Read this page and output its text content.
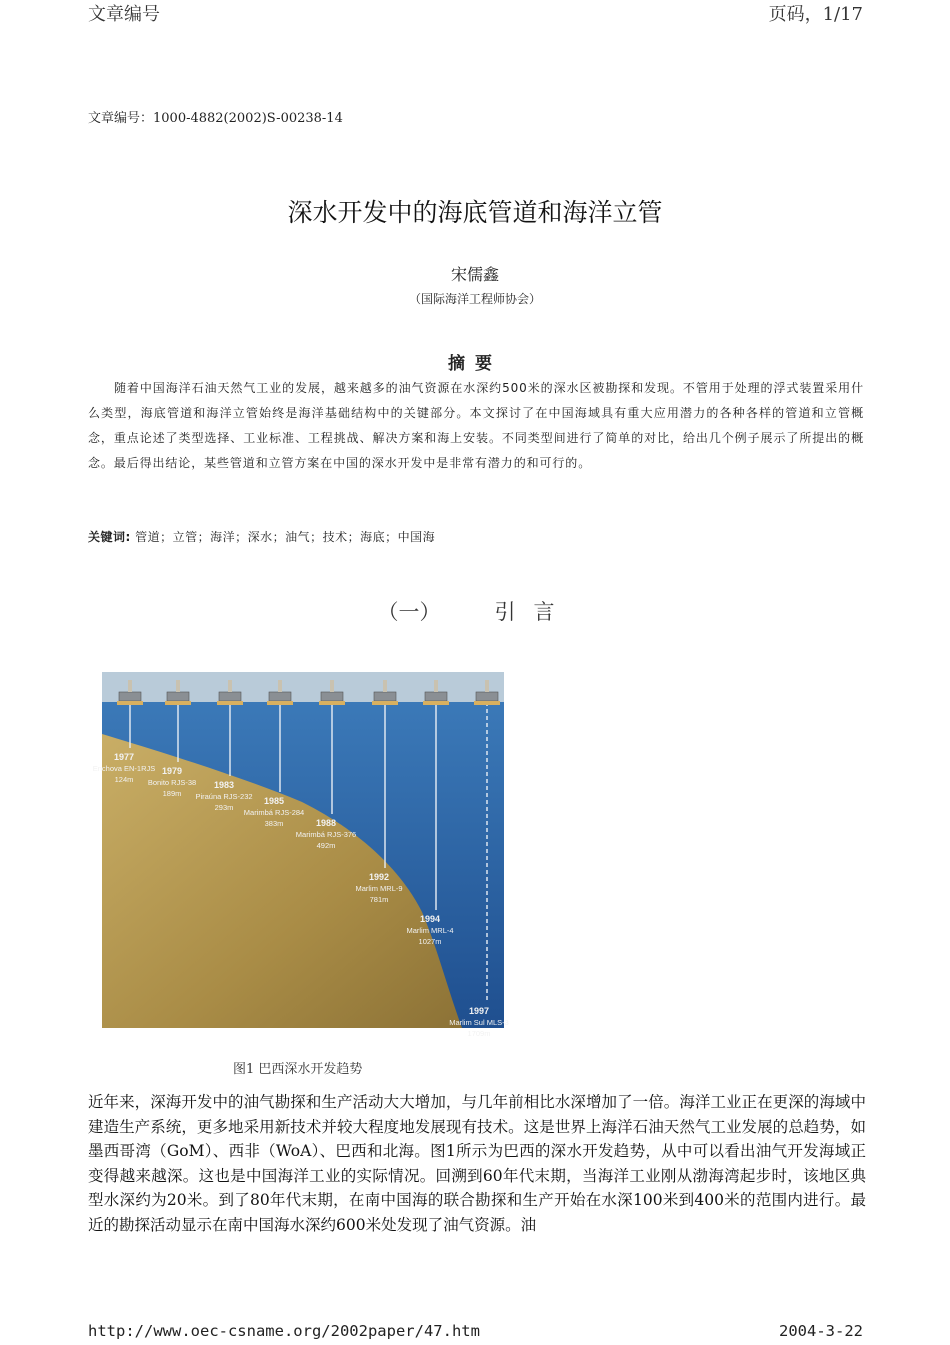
文章编号	页码，1/17
文章编号：1000-4882(2002)S-00238-14
深水开发中的海底管道和海洋立管
宋儒鑫
（国际海洋工程师协会）
摘要

随着中国海洋石油天然气工业的发展，越来越多的油气资源在水深约500米的深水区被勘探和发现。不管用于处理的浮式装置采用什么类型，海底管道和海洋立管始终是海洋基础结构中的关键部分。本文探讨了在中国海域具有重大应用潜力的各种各样的管道和立管概念，重点论述了类型选择、工业标准、工程挑战、解决方案和海上安装。不同类型间进行了简单的对比，给出几个例子展示了所提出的概念。最后得出结论，某些管道和立管方案在中国的深水开发中是非常有潜力的和可行的。

关键词: 管道；立管；海洋；深水；油气；技术；海底；中国海
（一）	引言
1977
Enchova EN-1RJS
124m
1979
Bonito RJS-38
189m
1983
Piraúna RJS-232
293m
1985
Marimbá RJS-284
383m	1988
Marimbá RJS-376
492m
1992
Marlim MRL-9
781m
1994
Marlim MRL-4
1027m
1997
Marlim Sul MLS-3
1709m
图1 巴西深水开发趋势

近年来，深海开发中的油气勘探和生产活动大大增加，与几年前相比水深增加了一倍。海洋工业正在更深的海域中建造生产系统，更多地采用新技术并较大程度地发展现有技术。这是世界上海洋石油天然气工业发展的总趋势，如墨西哥湾（GoM）、西非（WoA）、巴西和北海。图1所示为巴西的深水开发趋势，从中可以看出油气开发海域正变得越来越深。这也是中国海洋工业的实际情况。回溯到60年代末期，当海洋工业刚从渤海湾起步时，该地区典型水深约为20米。到了80年代末期，在南中国海的联合勘探和生产开始在水深100米到400米的范围内进行。最近的勘探活动显示在南中国海水深约600米处发现了油气资源。油

http://www.oec-csname.org/2002paper/47.htm	2004-3-22
